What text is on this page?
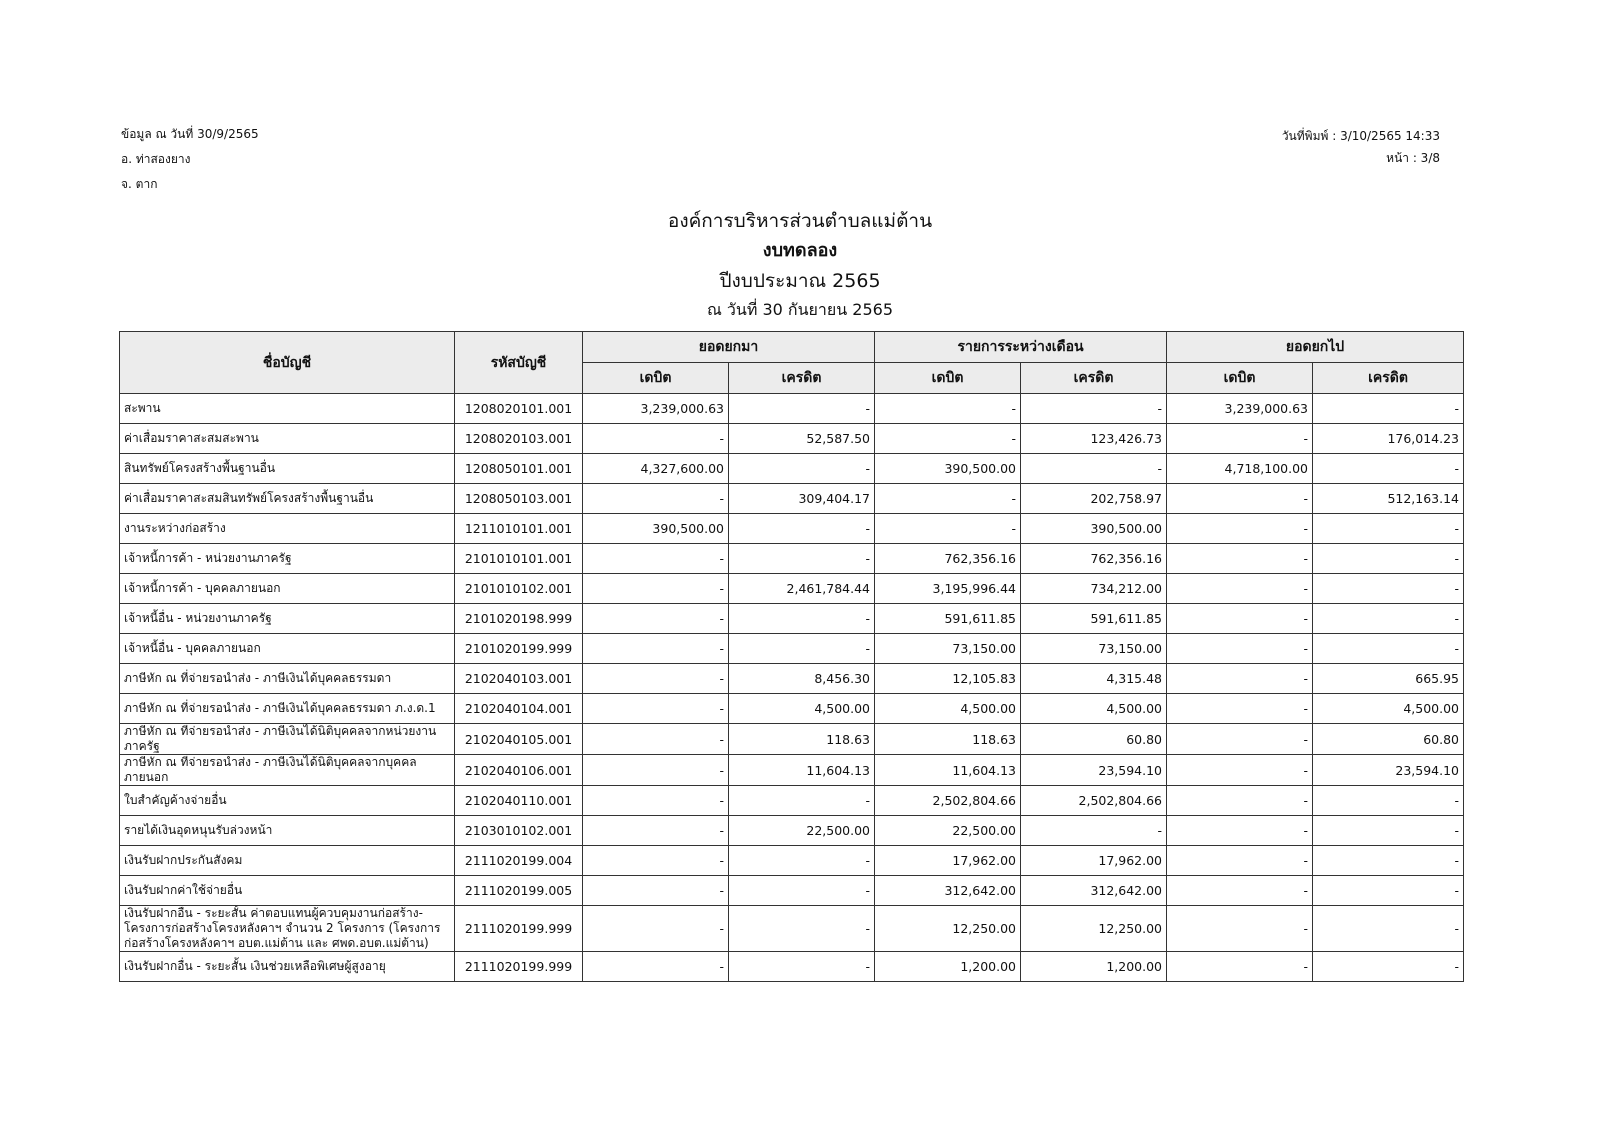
ข้อมูล ณ วันที่ 30/9/2565
อ. ท่าสองยาง
จ. ตาก
วันที่พิมพ์ : 3/10/2565 14:33
หน้า : 3/8
องค์การบริหารส่วนตำบลแม่ต้าน
งบทดลอง
ปีงบประมาณ 2565
ณ วันที่ 30 กันยายน 2565
ชื่อบัญชี	รหัสบัญชี	ยอดยกมา		รายการระหว่างเดือน		ยอดยกไป	
		เดบิต	เครดิต	เดบิต	เครดิต	เดบิต	เครดิต
สะพาน	1208020101.001	3,239,000.63	-	-	-	3,239,000.63	-
ค่าเสื่อมราคาสะสมสะพาน	1208020103.001	-	52,587.50	-	123,426.73	-	176,014.23
สินทรัพย์โครงสร้างพื้นฐานอื่น	1208050101.001	4,327,600.00	-	390,500.00	-	4,718,100.00	-
ค่าเสื่อมราคาสะสมสินทรัพย์โครงสร้างพื้นฐานอื่น	1208050103.001	-	309,404.17	-	202,758.97	-	512,163.14
งานระหว่างก่อสร้าง	1211010101.001	390,500.00	-	-	390,500.00	-	-
เจ้าหนี้การค้า - หน่วยงานภาครัฐ	2101010101.001	-	-	762,356.16	762,356.16	-	-
เจ้าหนี้การค้า - บุคคลภายนอก	2101010102.001	-	2,461,784.44	3,195,996.44	734,212.00	-	-
เจ้าหนี้อื่น - หน่วยงานภาครัฐ	2101020198.999	-	-	591,611.85	591,611.85	-	-
เจ้าหนี้อื่น - บุคคลภายนอก	2101020199.999	-	-	73,150.00	73,150.00	-	-
ภาษีหัก ณ ที่จ่ายรอนำส่ง - ภาษีเงินได้บุคคลธรรมดา	2102040103.001	-	8,456.30	12,105.83	4,315.48	-	665.95
ภาษีหัก ณ ที่จ่ายรอนำส่ง - ภาษีเงินได้บุคคลธรรมดา ภ.ง.ด.1	2102040104.001	-	4,500.00	4,500.00	4,500.00	-	4,500.00
ภาษีหัก ณ ที่จ่ายรอนำส่ง - ภาษีเงินได้นิติบุคคลจากหน่วยงานภาครัฐ	2102040105.001	-	118.63	118.63	60.80	-	60.80
ภาษีหัก ณ ที่จ่ายรอนำส่ง - ภาษีเงินได้นิติบุคคลจากบุคคลภายนอก	2102040106.001	-	11,604.13	11,604.13	23,594.10	-	23,594.10
ใบสำคัญค้างจ่ายอื่น	2102040110.001	-	-	2,502,804.66	2,502,804.66	-	-
รายได้เงินอุดหนุนรับล่วงหน้า	2103010102.001	-	22,500.00	22,500.00	-	-	-
เงินรับฝากประกันสังคม	2111020199.004	-	-	17,962.00	17,962.00	-	-
เงินรับฝากค่าใช้จ่ายอื่น	2111020199.005	-	-	312,642.00	312,642.00	-	-
เงินรับฝากอื่น - ระยะสั้น ค่าตอบแทนผู้ควบคุมงานก่อสร้าง-โครงการก่อสร้างโครงหลังคาฯ จำนวน 2 โครงการ (โครงการก่อสร้างโครงหลังคาฯ อบต.แม่ต้าน และ ศพด.อบต.แม่ต้าน)	2111020199.999	-	-	12,250.00	12,250.00	-	-
เงินรับฝากอื่น - ระยะสั้น เงินช่วยเหลือพิเศษผู้สูงอายุ	2111020199.999	-	-	1,200.00	1,200.00	-	-
